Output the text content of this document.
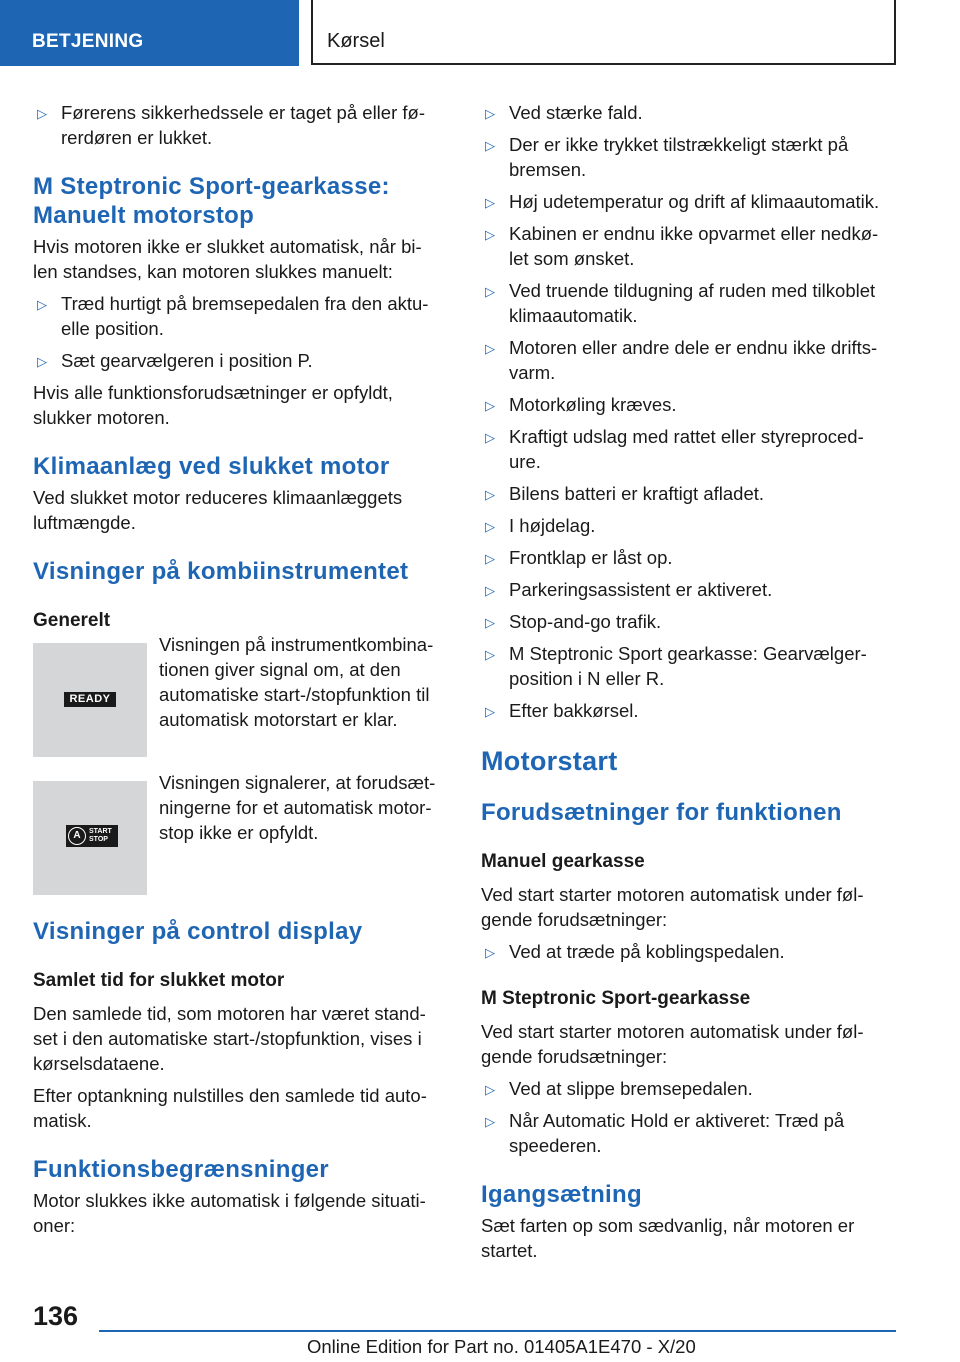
BETJENING	Kørsel
▷ Førerens sikkerhedssele er taget på eller fø- rerdøren er lukket.
M Steptronic Sport-gearkasse: Manuelt motorstop

Hvis motoren ikke er slukket automatisk, når bi- len standses, kan motoren slukkes manuelt:

▷ Træd hurtigt på bremsepedalen fra den aktu- elle position.
▷ Sæt gearvælgeren i position P.

Hvis alle funktionsforudsætninger er opfyldt, slukker motoren.

Klimaanlæg ved slukket motor

Ved slukket motor reduceres klimaanlæggets luftmængde.

Visninger på kombiinstrumentet
Generelt
READY
Visningen på instrumentkombina- tionen giver signal om, at den automatiske start-/stopfunktion til automatisk motorstart er klar.
A	START
STOP
Visningen signalerer, at forudsæt- ningerne for et automatisk motor- stop ikke er opfyldt.
Visninger på control display
Samlet tid for slukket motor

Den samlede tid, som motoren har været stand- set i den automatiske start-/stopfunktion, vises i kørselsdataene.

Efter optankning nulstilles den samlede tid auto- matisk.

Funktionsbegrænsninger

Motor slukkes ikke automatisk i følgende situati- oner:

▷ Ved stærke fald.
▷ Der er ikke trykket tilstrækkeligt stærkt på bremsen.
▷ Høj udetemperatur og drift af klimaautomatik.
▷ Kabinen er endnu ikke opvarmet eller nedkø- let som ønsket.
▷ Ved truende tildugning af ruden med tilkoblet klimaautomatik.
▷ Motoren eller andre dele er endnu ikke drifts- varm.
▷ Motorkøling kræves.
▷ Kraftigt udslag med rattet eller styreproced- ure.
▷ Bilens batteri er kraftigt afladet.
▷ I højdelag.
▷ Frontklap er låst op.
▷ Parkeringsassistent er aktiveret.
▷ Stop-and-go trafik.
▷ M Steptronic Sport gearkasse: Gearvælger- position i N eller R.
▷ Efter bakkørsel.
Motorstart
Forudsætninger for funktionen
Manuel gearkasse

Ved start starter motoren automatisk under føl- gende forudsætninger:

▷ Ved at træde på koblingspedalen.
M Steptronic Sport-gearkasse

Ved start starter motoren automatisk under føl- gende forudsætninger:

▷ Ved at slippe bremsepedalen.
▷ Når Automatic Hold er aktiveret: Træd på speederen.
Igangsætning

Sæt farten op som sædvanlig, når motoren er startet.

136
Online Edition for Part no. 01405A1E470 - X/20
